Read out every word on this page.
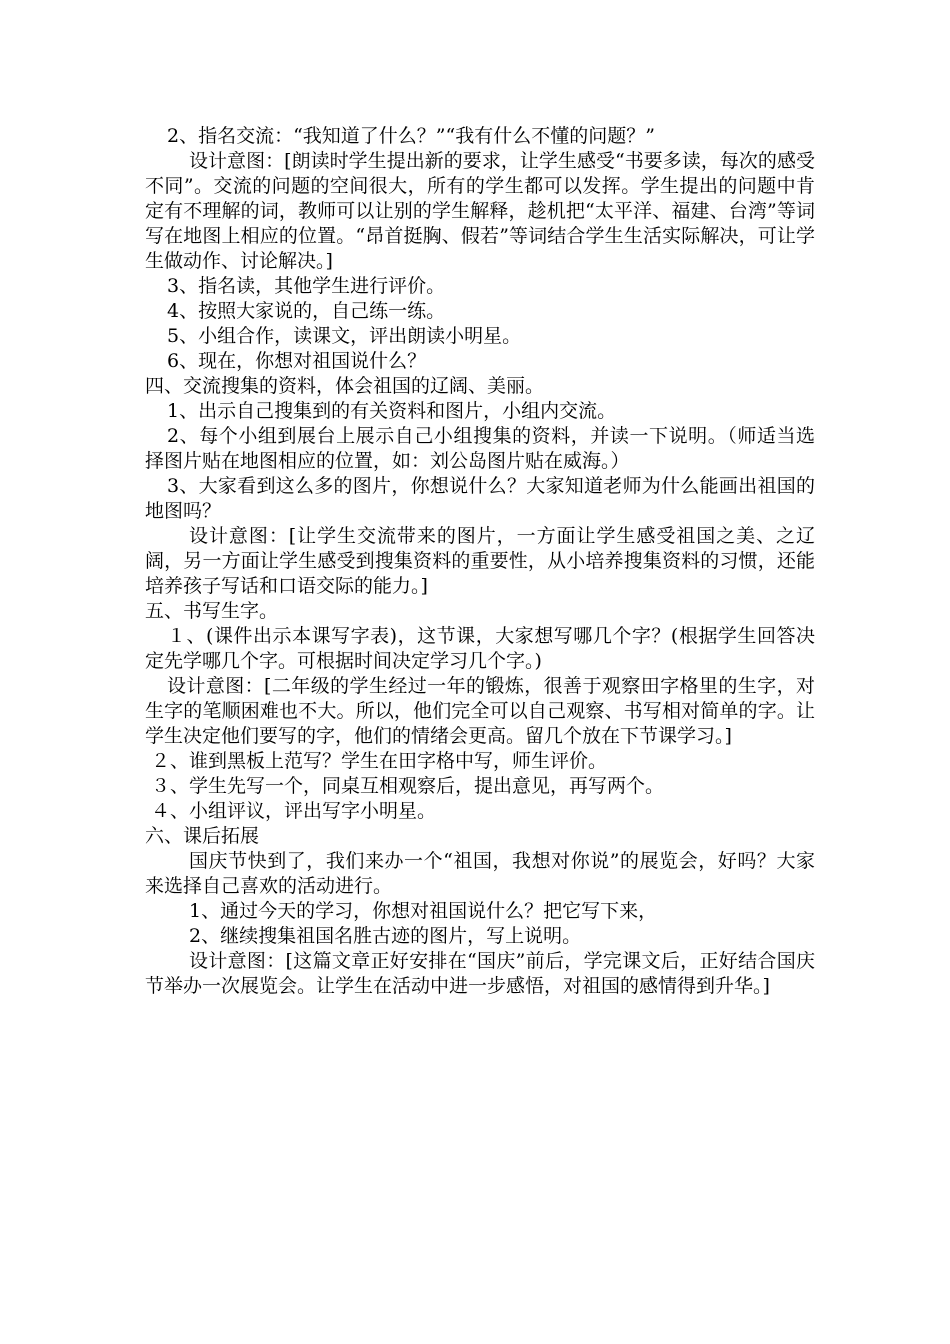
2、指名交流：“我知道了什么？”“我有什么不懂的问题？”

设计意图：[朗读时学生提出新的要求，让学生感受“书要多读，每次的感受不同”。交流的问题的空间很大，所有的学生都可以发挥。学生提出的问题中肯定有不理解的词，教师可以让别的学生解释，趁机把“太平洋、福建、台湾”等词写在地图上相应的位置。“昂首挺胸、假若”等词结合学生生活实际解决，可让学生做动作、讨论解决。]

3、指名读，其他学生进行评价。

4、按照大家说的，自己练一练。

5、小组合作，读课文，评出朗读小明星。

6、现在，你想对祖国说什么？

四、交流搜集的资料，体会祖国的辽阔、美丽。

1、出示自己搜集到的有关资料和图片，小组内交流。

2、每个小组到展台上展示自己小组搜集的资料，并读一下说明。（师适当选择图片贴在地图相应的位置，如：刘公岛图片贴在威海。）

3、大家看到这么多的图片，你想说什么？大家知道老师为什么能画出祖国的地图吗？

设计意图：[让学生交流带来的图片，一方面让学生感受祖国之美、之辽阔，另一方面让学生感受到搜集资料的重要性，从小培养搜集资料的习惯，还能培养孩子写话和口语交际的能力。]

五、书写生字。

１、(课件出示本课写字表)，这节课，大家想写哪几个字？(根据学生回答决定先学哪几个字。可根据时间决定学习几个字。)

设计意图：[二年级的学生经过一年的锻炼，很善于观察田字格里的生字，对生字的笔顺困难也不大。所以，他们完全可以自己观察、书写相对简单的字。让学生决定他们要写的字，他们的情绪会更高。留几个放在下节课学习。]

２、谁到黑板上范写？学生在田字格中写，师生评价。

３、学生先写一个，同桌互相观察后，提出意见，再写两个。

４、小组评议，评出写字小明星。

六、课后拓展

国庆节快到了，我们来办一个“祖国，我想对你说”的展览会，好吗？大家来选择自己喜欢的活动进行。

1、通过今天的学习，你想对祖国说什么？把它写下来，

2、继续搜集祖国名胜古迹的图片，写上说明。

设计意图：[这篇文章正好安排在“国庆”前后，学完课文后，正好结合国庆节举办一次展览会。让学生在活动中进一步感悟，对祖国的感情得到升华。]
